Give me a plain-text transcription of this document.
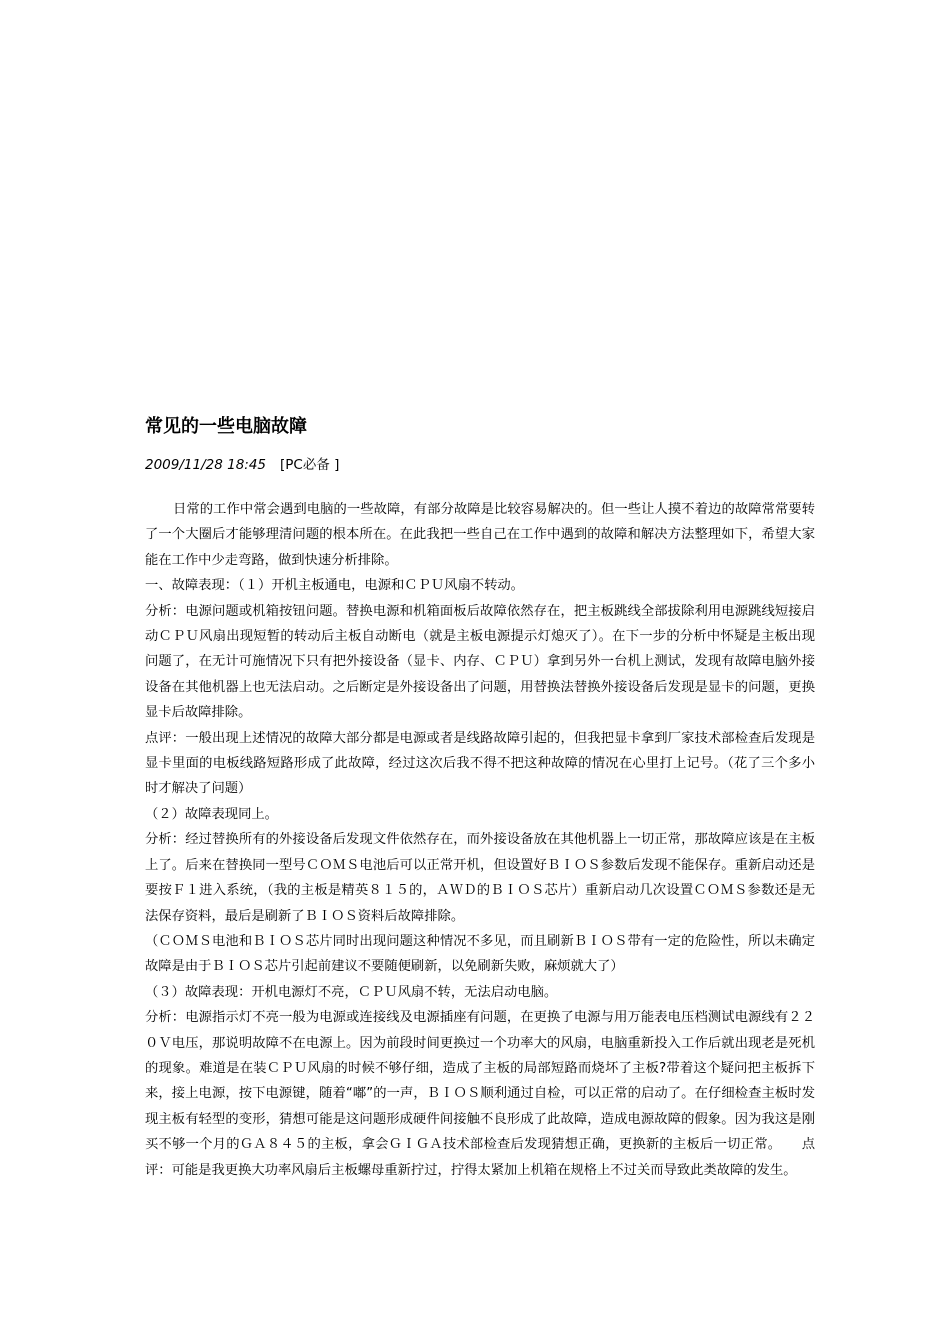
常见的一些电脑故障
2009/11/28 18:45 [PC必备 ]

日常的工作中常会遇到电脑的一些故障，有部分故障是比较容易解决的。但一些让人摸不着边的故障常常要转了一个大圈后才能够理清问题的根本所在。在此我把一些自己在工作中遇到的故障和解决方法整理如下，希望大家能在工作中少走弯路，做到快速分析排除。

一、故障表现：（１）开机主板通电，电源和ＣＰＵ风扇不转动。

分析：电源问题或机箱按钮问题。替换电源和机箱面板后故障依然存在，把主板跳线全部拔除利用电源跳线短接启动ＣＰＵ风扇出现短暂的转动后主板自动断电（就是主板电源提示灯熄灭了）。在下一步的分析中怀疑是主板出现问题了，在无计可施情况下只有把外接设备（显卡、内存、ＣＰＵ）拿到另外一台机上测试，发现有故障电脑外接设备在其他机器上也无法启动。之后断定是外接设备出了问题，用替换法替换外接设备后发现是显卡的问题，更换显卡后故障排除。

点评：一般出现上述情况的故障大部分都是电源或者是线路故障引起的，但我把显卡拿到厂家技术部检查后发现是显卡里面的电板线路短路形成了此故障，经过这次后我不得不把这种故障的情况在心里打上记号。（花了三个多小时才解决了问题）

（２）故障表现同上。

分析：经过替换所有的外接设备后发现文件依然存在，而外接设备放在其他机器上一切正常，那故障应该是在主板上了。后来在替换同一型号ＣＯＭＳ电池后可以正常开机，但设置好ＢＩＯＳ参数后发现不能保存。重新启动还是要按Ｆ１进入系统，（我的主板是精英８１５的，ＡＷＤ的ＢＩＯＳ芯片）重新启动几次设置ＣＯＭＳ参数还是无法保存资料，最后是刷新了ＢＩＯＳ资料后故障排除。

（ＣＯＭＳ电池和ＢＩＯＳ芯片同时出现问题这种情况不多见，而且刷新ＢＩＯＳ带有一定的危险性，所以未确定故障是由于ＢＩＯＳ芯片引起前建议不要随便刷新，以免刷新失败，麻烦就大了）

（３）故障表现：开机电源灯不亮，ＣＰＵ风扇不转，无法启动电脑。

分析：电源指示灯不亮一般为电源或连接线及电源插座有问题，在更换了电源与用万能表电压档测试电源线有２２０Ｖ电压，那说明故障不在电源上。因为前段时间更换过一个功率大的风扇，电脑重新投入工作后就出现老是死机的现象。难道是在装ＣＰＵ风扇的时候不够仔细，造成了主板的局部短路而烧坏了主板?带着这个疑问把主板拆下来，接上电源，按下电源键，随着“嘟”的一声，ＢＩＯＳ顺利通过自检，可以正常的启动了。在仔细检查主板时发现主板有轻型的变形，猜想可能是这问题形成硬件间接触不良形成了此故障，造成电源故障的假象。因为我这是刚买不够一个月的ＧＡ８４５的主板，拿会ＧＩＧＡ技术部检查后发现猜想正确，更换新的主板后一切正常。　　点评：可能是我更换大功率风扇后主板螺母重新拧过，拧得太紧加上机箱在规格上不过关而导致此类故障的发生。
